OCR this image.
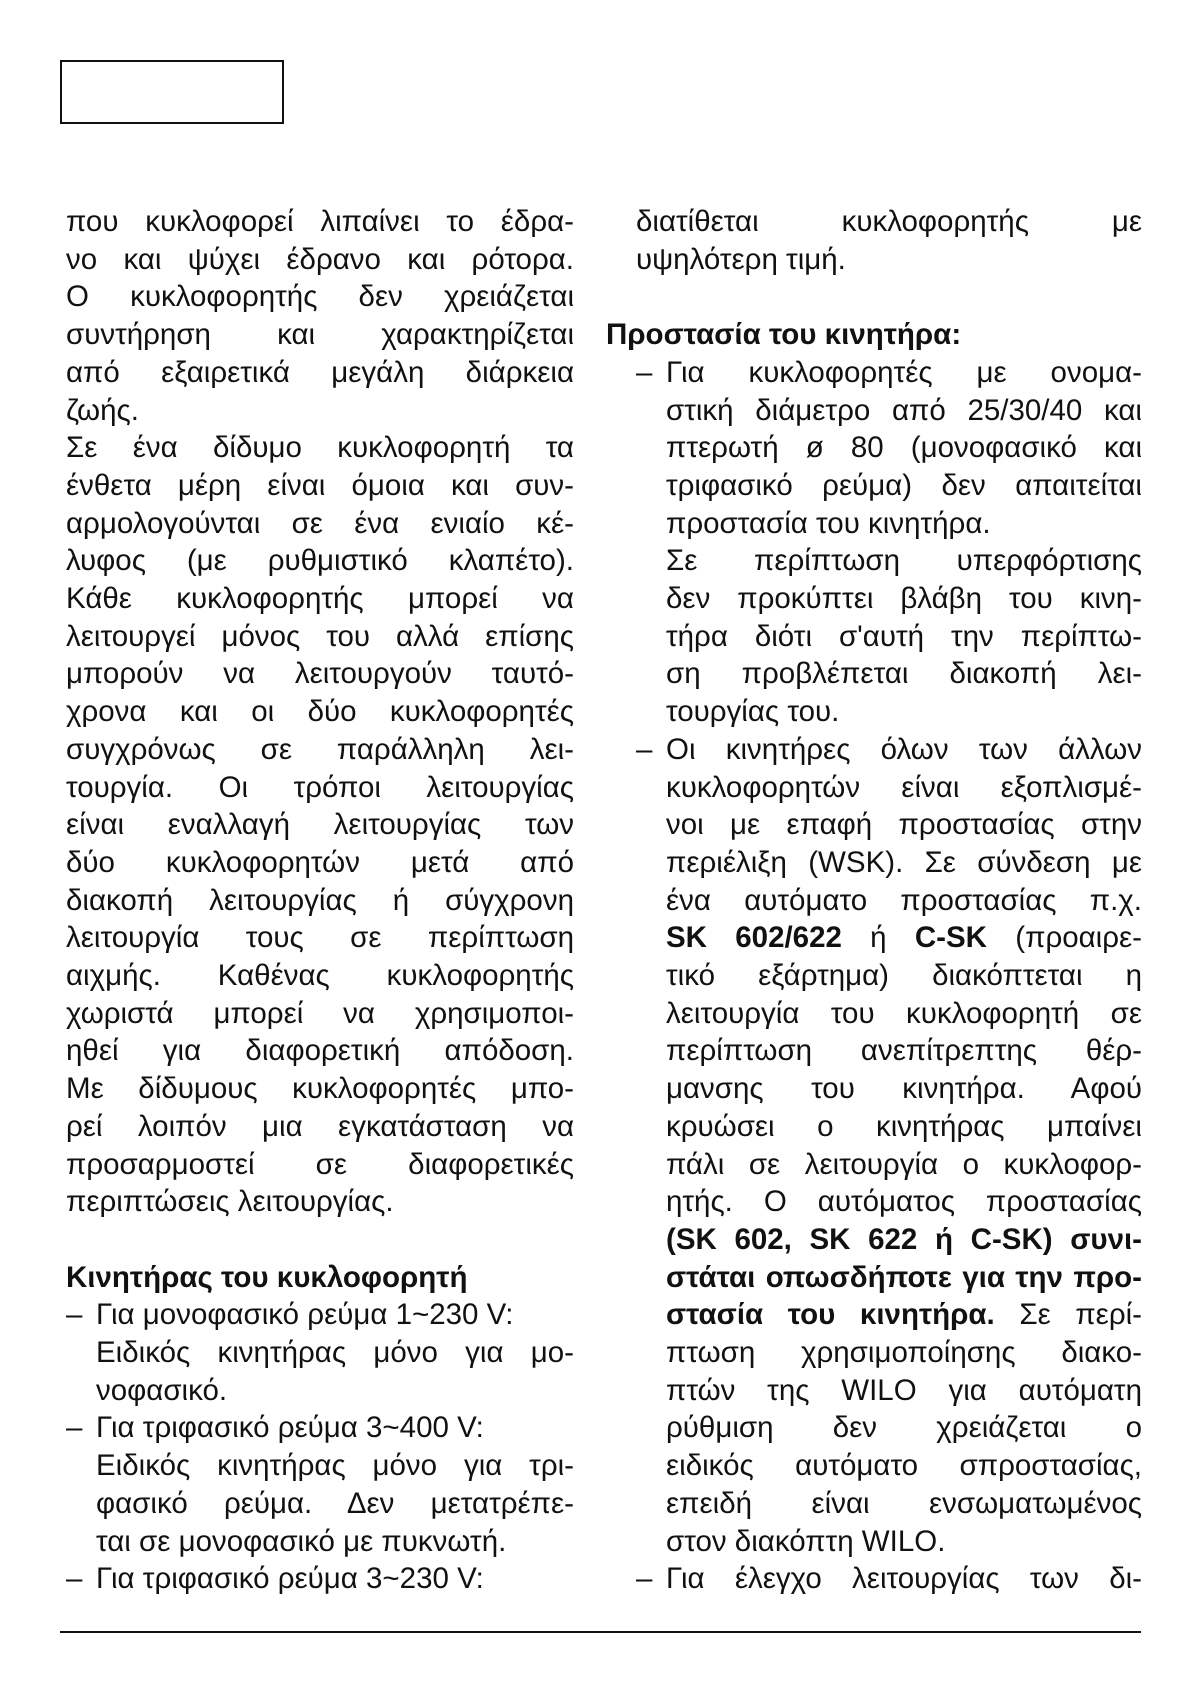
που κυκλοφορεί λιπαίνει το έδρα-
νο και ψύχει έδρανο και ρότορα.
Ο κυκλοφορητής δεν χρειάζεται
συντήρηση και χαρακτηρίζεται
από εξαιρετικά μεγάλη διάρκεια
ζωής.
Σε ένα δίδυμο κυκλοφορητή τα
ένθετα μέρη είναι όμοια και συν-
αρμολογούνται σε ένα ενιαίο κέ-
λυφος (με ρυθμιστικό κλαπέτο).
Κάθε κυκλοφορητής μπορεί να
λειτουργεί μόνος του αλλά επίσης
μπορούν να λειτουργούν ταυτό-
χρονα και οι δύο κυκλοφορητές
συγχρόνως σε παράλληλη λει-
τουργία. Οι τρόποι λειτουργίας
είναι εναλλαγή λειτουργίας των
δύο κυκλοφορητών μετά από
διακοπή λειτουργίας ή σύγχρονη
λειτουργία τους σε περίπτωση
αιχμής. Καθένας κυκλοφορητής
χωριστά μπορεί να χρησιμοποι-
ηθεί για διαφορετική απόδοση.
Με δίδυμους κυκλοφορητές μπο-
ρεί λοιπόν μια εγκατάσταση να
προσαρμοστεί σε διαφορετικές
περιπτώσεις λειτουργίας.
Κινητήρας του κυκλοφορητή
– Για μονοφασικό ρεύμα 1~230 V:
Ειδικός κινητήρας μόνο για μο-
νοφασικό.
– Για τριφασικό ρεύμα 3~400 V:
Ειδικός κινητήρας μόνο για τρι-
φασικό ρεύμα. Δεν μετατρέπε-
ται σε μονοφασικό με πυκνωτή.
– Για τριφασικό ρεύμα 3~230 V:
διατίθεται κυκλοφορητής με
υψηλότερη τιμή.
Προστασία του κινητήρα:
– Για κυκλοφορητές με ονομα-
στική διάμετρο από 25/30/40 και
πτερωτή ø 80 (μονοφασικό και
τριφασικό ρεύμα) δεν απαιτείται
προστασία του κινητήρα.
Σε περίπτωση υπερφόρτισης
δεν προκύπτει βλάβη του κινη-
τήρα διότι σ'αυτή την περίπτω-
ση προβλέπεται διακοπή λει-
τουργίας του.
– Οι κινητήρες όλων των άλλων
κυκλοφορητών είναι εξοπλισμέ-
νοι με επαφή προστασίας στην
περιέλιξη (WSK). Σε σύνδεση με
ένα αυτόματο προστασίας π.χ.
SK 602/622 ή C-SK (προαιρε-
τικό εξάρτημα) διακόπτεται η
λειτουργία του κυκλοφορητή σε
περίπτωση ανεπίτρεπτης θέρ-
μανσης του κινητήρα. Αφού
κρυώσει ο κινητήρας μπαίνει
πάλι σε λειτουργία ο κυκλοφορ-
ητής. Ο αυτόματος προστασίας
(SK 602, SK 622 ή C-SK) συνι-
στάται οπωσδήποτε για την προ-
στασία του κινητήρα. Σε περί-
πτωση χρησιμοποίησης διακο-
πτών της WILO για αυτόματη
ρύθμιση δεν χρειάζεται ο
ειδικός αυτόματο σπροστασίας,
επειδή είναι ενσωματωμένος
στον διακόπτη WILO.
– Για έλεγχο λειτουργίας των δι-
